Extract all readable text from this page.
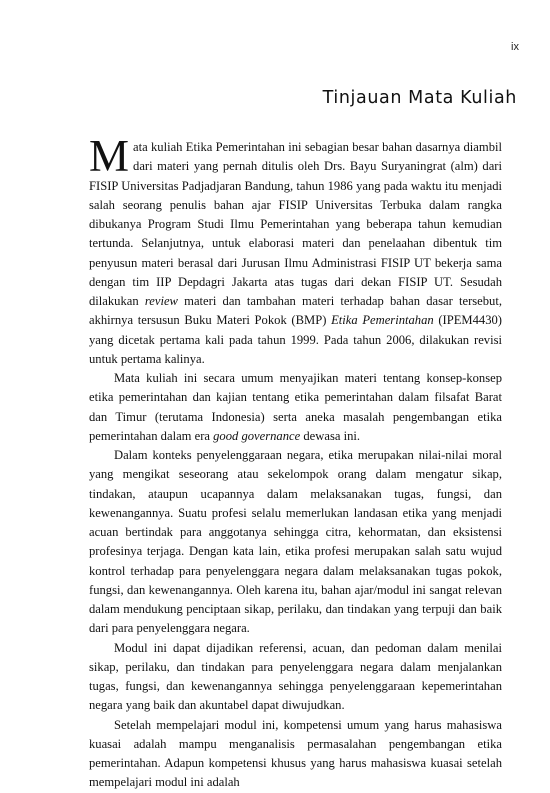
ix
Tinjauan Mata Kuliah

Mata kuliah Etika Pemerintahan ini sebagian besar bahan dasarnya diambil dari materi yang pernah ditulis oleh Drs. Bayu Suryaningrat (alm) dari FISIP Universitas Padjadjaran Bandung, tahun 1986 yang pada waktu itu menjadi salah seorang penulis bahan ajar FISIP Universitas Terbuka dalam rangka dibukanya Program Studi Ilmu Pemerintahan yang beberapa tahun kemudian tertunda. Selanjutnya, untuk elaborasi materi dan penelaahan dibentuk tim penyusun materi berasal dari Jurusan Ilmu Administrasi FISIP UT bekerja sama dengan tim IIP Depdagri Jakarta atas tugas dari dekan FISIP UT. Sesudah dilakukan review materi dan tambahan materi terhadap bahan dasar tersebut, akhirnya tersusun Buku Materi Pokok (BMP) Etika Pemerintahan (IPEM4430) yang dicetak pertama kali pada tahun 1999. Pada tahun 2006, dilakukan revisi untuk pertama kalinya.

Mata kuliah ini secara umum menyajikan materi tentang konsep-konsep etika pemerintahan dan kajian tentang etika pemerintahan dalam filsafat Barat dan Timur (terutama Indonesia) serta aneka masalah pengembangan etika pemerintahan dalam era good governance dewasa ini.

Dalam konteks penyelenggaraan negara, etika merupakan nilai-nilai moral yang mengikat seseorang atau sekelompok orang dalam mengatur sikap, tindakan, ataupun ucapannya dalam melaksanakan tugas, fungsi, dan kewenangannya. Suatu profesi selalu memerlukan landasan etika yang menjadi acuan bertindak para anggotanya sehingga citra, kehormatan, dan eksistensi profesinya terjaga. Dengan kata lain, etika profesi merupakan salah satu wujud kontrol terhadap para penyelenggara negara dalam melaksanakan tugas pokok, fungsi, dan kewenangannya. Oleh karena itu, bahan ajar/modul ini sangat relevan dalam mendukung penciptaan sikap, perilaku, dan tindakan yang terpuji dan baik dari para penyelenggara negara.

Modul ini dapat dijadikan referensi, acuan, dan pedoman dalam menilai sikap, perilaku, dan tindakan para penyelenggara negara dalam menjalankan tugas, fungsi, dan kewenangannya sehingga penyelenggaraan kepemerintahan negara yang baik dan akuntabel dapat diwujudkan.

Setelah mempelajari modul ini, kompetensi umum yang harus mahasiswa kuasai adalah mampu menganalisis permasalahan pengembangan etika pemerintahan. Adapun kompetensi khusus yang harus mahasiswa kuasai setelah mempelajari modul ini adalah
